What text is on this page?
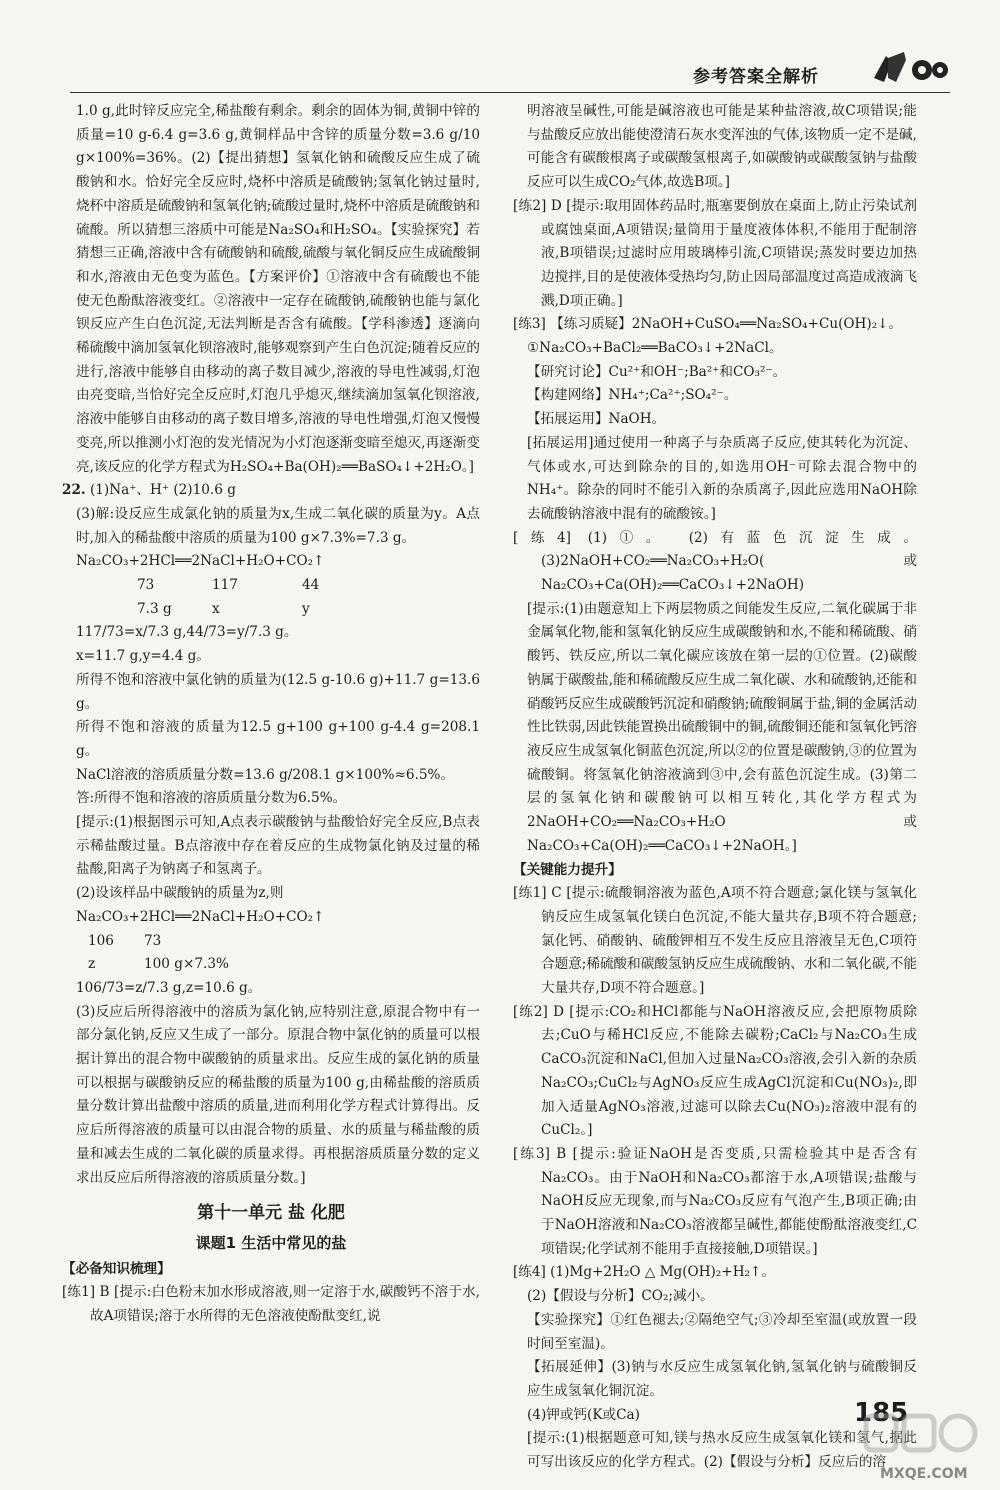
参考答案全解析

1.0 g,此时锌反应完全,稀盐酸有剩余。剩余的固体为铜,黄铜中锌的质量=10 g-6.4 g=3.6 g,黄铜样品中含锌的质量分数=3.6 g/10 g×100%=36%。(2)【提出猜想】氢氧化钠和硫酸反应生成了硫酸钠和水。恰好完全反应时,烧杯中溶质是硫酸钠;氢氧化钠过量时,烧杯中溶质是硫酸钠和氢氧化钠;硫酸过量时,烧杯中溶质是硫酸钠和硫酸。所以猜想三溶质中可能是Na₂SO₄和H₂SO₄。【实验探究】若猜想三正确,溶液中含有硫酸钠和硫酸,硫酸与氧化铜反应生成硫酸铜和水,溶液由无色变为蓝色。【方案评价】①溶液中含有硫酸也不能使无色酚酞溶液变红。②溶液中一定存在硫酸钠,硫酸钠也能与氯化钡反应产生白色沉淀,无法判断是否含有硫酸。【学科渗透】逐滴向稀硫酸中滴加氢氧化钡溶液时,能够观察到产生白色沉淀;随着反应的进行,溶液中能够自由移动的离子数目减少,溶液的导电性减弱,灯泡由亮变暗,当恰好完全反应时,灯泡几乎熄灭,继续滴加氢氧化钡溶液,溶液中能够自由移动的离子数目增多,溶液的导电性增强,灯泡又慢慢变亮,所以推测小灯泡的发光情况为小灯泡逐渐变暗至熄灭,再逐渐变亮,该反应的化学方程式为H₂SO₄+Ba(OH)₂══BaSO₄↓+2H₂O。]

22. (1)Na⁺、H⁺ (2)10.6 g

(3)解:设反应生成氯化钠的质量为x,生成二氧化碳的质量为y。A点时,加入的稀盐酸中溶质的质量为100 g×7.3%=7.3 g。

Na₂CO₃+2HCl══2NaCl+H₂O+CO₂↑

73	117	44
7.3 g	x	y

117/73=x/7.3 g,44/73=y/7.3 g。

x=11.7 g,y=4.4 g。

所得不饱和溶液中氯化钠的质量为(12.5 g-10.6 g)+11.7 g=13.6 g。

所得不饱和溶液的质量为12.5 g+100 g+100 g-4.4 g=208.1 g。

NaCl溶液的溶质质量分数=13.6 g/208.1 g×100%≈6.5%。

答:所得不饱和溶液的溶质质量分数为6.5%。

[提示:(1)根据图示可知,A点表示碳酸钠与盐酸恰好完全反应,B点表示稀盐酸过量。B点溶液中存在着反应的生成物氯化钠及过量的稀盐酸,阳离子为钠离子和氢离子。

(2)设该样品中碳酸钠的质量为z,则

Na₂CO₃+2HCl══2NaCl+H₂O+CO₂↑

106 73
z	100 g×7.3%

106/73=z/7.3 g,z=10.6 g。

(3)反应后所得溶液中的溶质为氯化钠,应特别注意,原混合物中有一部分氯化钠,反应又生成了一部分。原混合物中氯化钠的质量可以根据计算出的混合物中碳酸钠的质量求出。反应生成的氯化钠的质量可以根据与碳酸钠反应的稀盐酸的质量为100 g,由稀盐酸的溶质质量分数计算出盐酸中溶质的质量,进而利用化学方程式计算得出。反应后所得溶液的质量可以由混合物的质量、水的质量与稀盐酸的质量和减去生成的二氧化碳的质量求得。再根据溶质质量分数的定义求出反应后所得溶液的溶质质量分数。]

第十一单元 盐 化肥
课题1 生活中常见的盐

【必备知识梳理】

[练1] B [提示:白色粉末加水形成溶液,则一定溶于水,碳酸钙不溶于水,故A项错误;溶于水所得的无色溶液使酚酞变红,说

明溶液呈碱性,可能是碱溶液也可能是某种盐溶液,故C项错误;能与盐酸反应放出能使澄清石灰水变浑浊的气体,该物质一定不是碱,可能含有碳酸根离子或碳酸氢根离子,如碳酸钠或碳酸氢钠与盐酸反应可以生成CO₂气体,故选B项。]

[练2] D [提示:取用固体药品时,瓶塞要倒放在桌面上,防止污染试剂或腐蚀桌面,A项错误;量筒用于量度液体体积,不能用于配制溶液,B项错误;过滤时应用玻璃棒引流,C项错误;蒸发时要边加热边搅拌,目的是使液体受热均匀,防止因局部温度过高造成液滴飞溅,D项正确。]

[练3] 【练习质疑】2NaOH+CuSO₄══Na₂SO₄+Cu(OH)₂↓。

①Na₂CO₃+BaCl₂══BaCO₃↓+2NaCl。

【研究讨论】Cu²⁺和OH⁻;Ba²⁺和CO₃²⁻。

【构建网络】NH₄⁺;Ca²⁺;SO₄²⁻。

【拓展运用】NaOH。

[拓展运用]通过使用一种离子与杂质离子反应,使其转化为沉淀、气体或水,可达到除杂的目的,如选用OH⁻可除去混合物中的NH₄⁺。除杂的同时不能引入新的杂质离子,因此应选用NaOH除去硫酸钠溶液中混有的硫酸铵。]

[练4] (1)①。 (2)有蓝色沉淀生成。 (3)2NaOH+CO₂══Na₂CO₃+H₂O(或Na₂CO₃+Ca(OH)₂══CaCO₃↓+2NaOH)

[提示:(1)由题意知上下两层物质之间能发生反应,二氧化碳属于非金属氧化物,能和氢氧化钠反应生成碳酸钠和水,不能和稀硫酸、硝酸钙、铁反应,所以二氧化碳应该放在第一层的①位置。(2)碳酸钠属于碳酸盐,能和稀硫酸反应生成二氧化碳、水和硫酸钠,还能和硝酸钙反应生成碳酸钙沉淀和硝酸钠;硫酸铜属于盐,铜的金属活动性比铁弱,因此铁能置换出硫酸铜中的铜,硫酸铜还能和氢氧化钙溶液反应生成氢氧化铜蓝色沉淀,所以②的位置是碳酸钠,③的位置为硫酸铜。将氢氧化钠溶液滴到③中,会有蓝色沉淀生成。(3)第二层的氢氧化钠和碳酸钠可以相互转化,其化学方程式为2NaOH+CO₂══Na₂CO₃+H₂O或Na₂CO₃+Ca(OH)₂══CaCO₃↓+2NaOH。]

【关键能力提升】

[练1] C [提示:硫酸铜溶液为蓝色,A项不符合题意;氯化镁与氢氧化钠反应生成氢氧化镁白色沉淀,不能大量共存,B项不符合题意;氯化钙、硝酸钠、硫酸钾相互不发生反应且溶液呈无色,C项符合题意;稀硫酸和碳酸氢钠反应生成硫酸钠、水和二氧化碳,不能大量共存,D项不符合题意。]

[练2] D [提示:CO₂和HCl都能与NaOH溶液反应,会把原物质除去;CuO与稀HCl反应,不能除去碳粉;CaCl₂与Na₂CO₃生成CaCO₃沉淀和NaCl,但加入过量Na₂CO₃溶液,会引入新的杂质Na₂CO₃;CuCl₂与AgNO₃反应生成AgCl沉淀和Cu(NO₃)₂,即加入适量AgNO₃溶液,过滤可以除去Cu(NO₃)₂溶液中混有的CuCl₂。]

[练3] B [提示:验证NaOH是否变质,只需检验其中是否含有Na₂CO₃。由于NaOH和Na₂CO₃都溶于水,A项错误;盐酸与NaOH反应无现象,而与Na₂CO₃反应有气泡产生,B项正确;由于NaOH溶液和Na₂CO₃溶液都呈碱性,都能使酚酞溶液变红,C项错误;化学试剂不能用手直接接触,D项错误。]

[练4] (1)Mg+2H₂O △ Mg(OH)₂+H₂↑。

(2)【假设与分析】CO₂;减小。

【实验探究】①红色褪去;②隔绝空气;③冷却至室温(或放置一段时间至室温)。

【拓展延伸】(3)钠与水反应生成氢氧化钠,氢氧化钠与硫酸铜反应生成氢氧化铜沉淀。

(4)钾或钙(K或Ca)

[提示:(1)根据题意可知,镁与热水反应生成氢氧化镁和氢气,据此可写出该反应的化学方程式。(2)【假设与分析】反应后的溶

185
MXQE.COM
